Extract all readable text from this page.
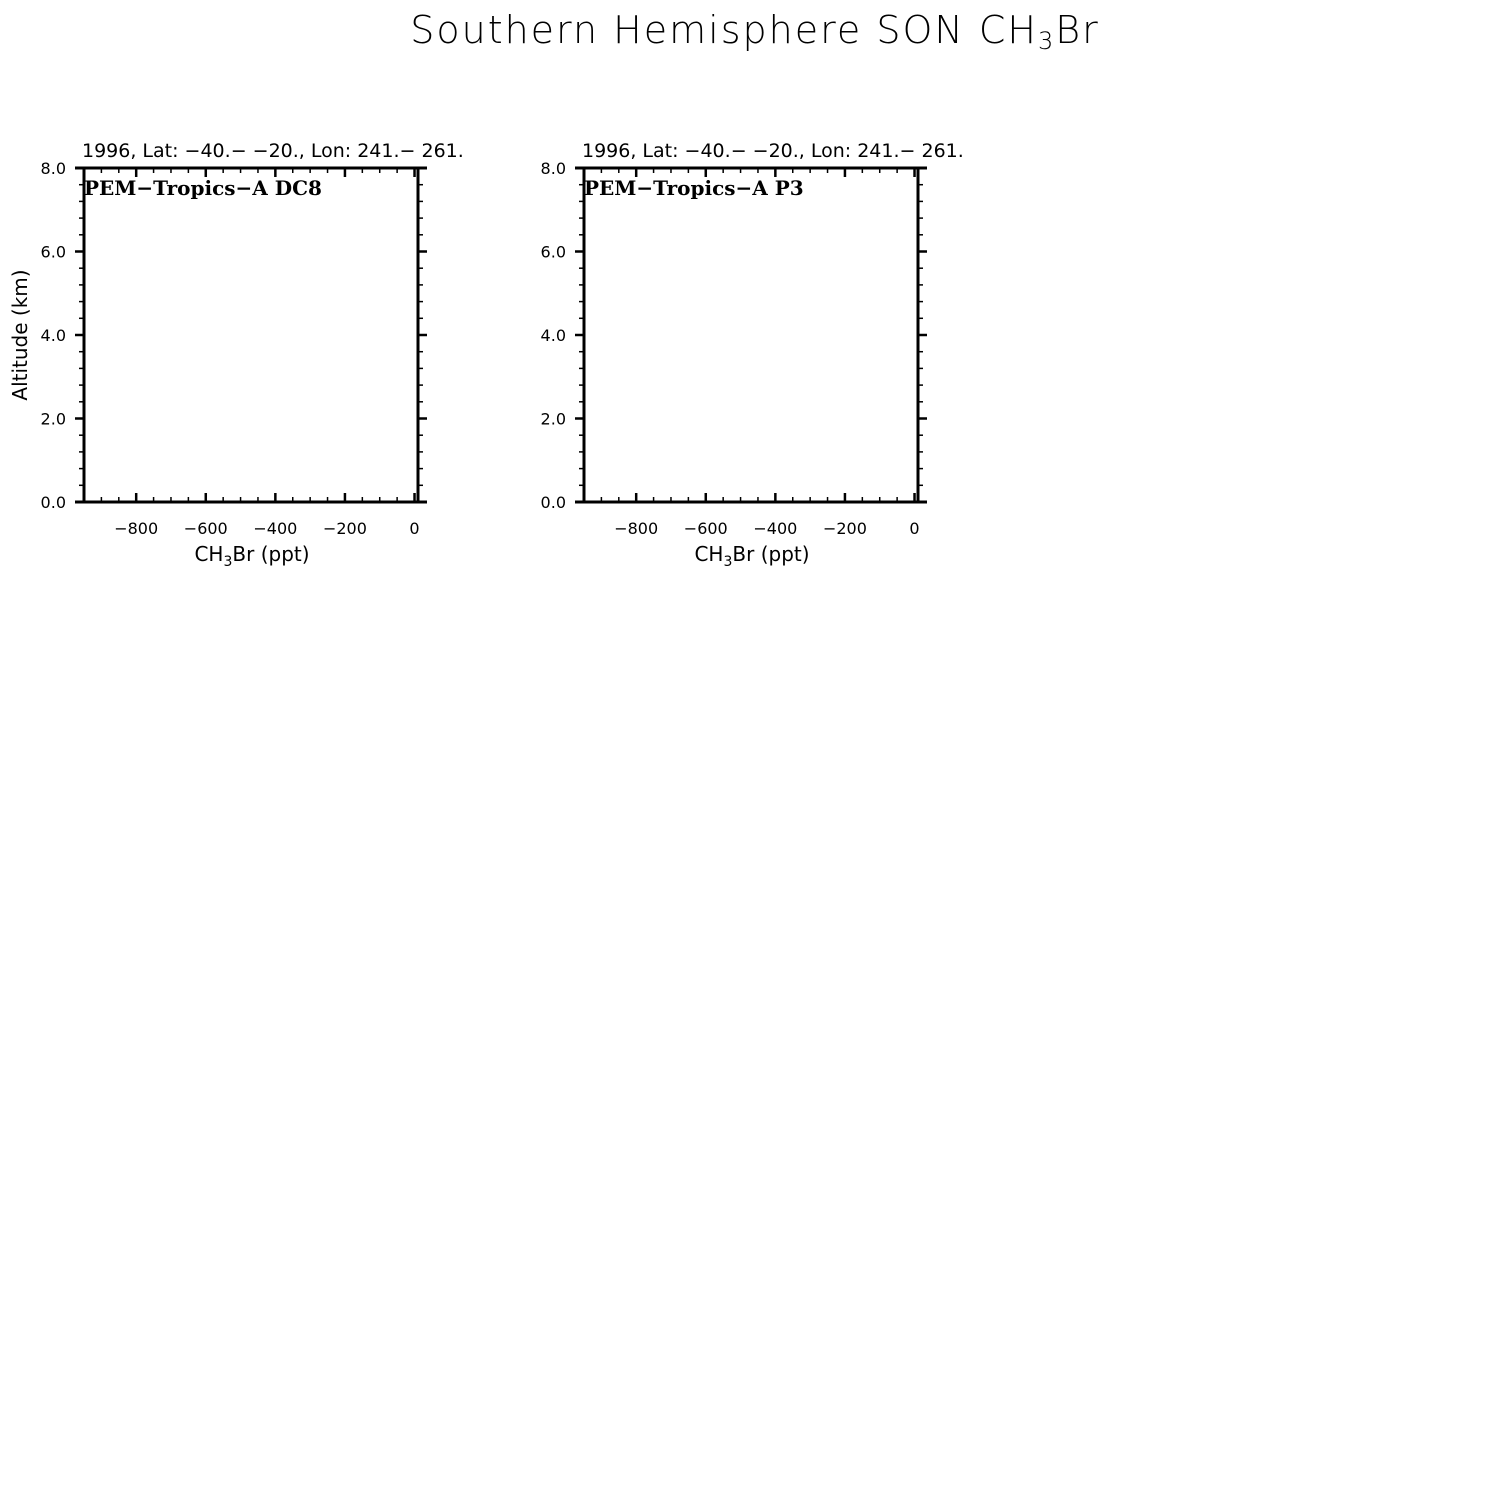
Southern Hemisphere SON $CH_3Br$
0.0
2.0
4.0
6.0
8.0
−800 −600 −400 −200	0
1996, Lat: −40.− −20., Lon: 241.− 261.
PEM−Tropics−A DC8
$CH_3Br$ (ppt)
Altitude (km)
0.0
2.0
4.0
6.0
8.0
−800 −600 −400 −200	0
1996, Lat: −40.− −20., Lon: 241.− 261.
PEM−Tropics−A P3
$CH_3Br$ (ppt)
